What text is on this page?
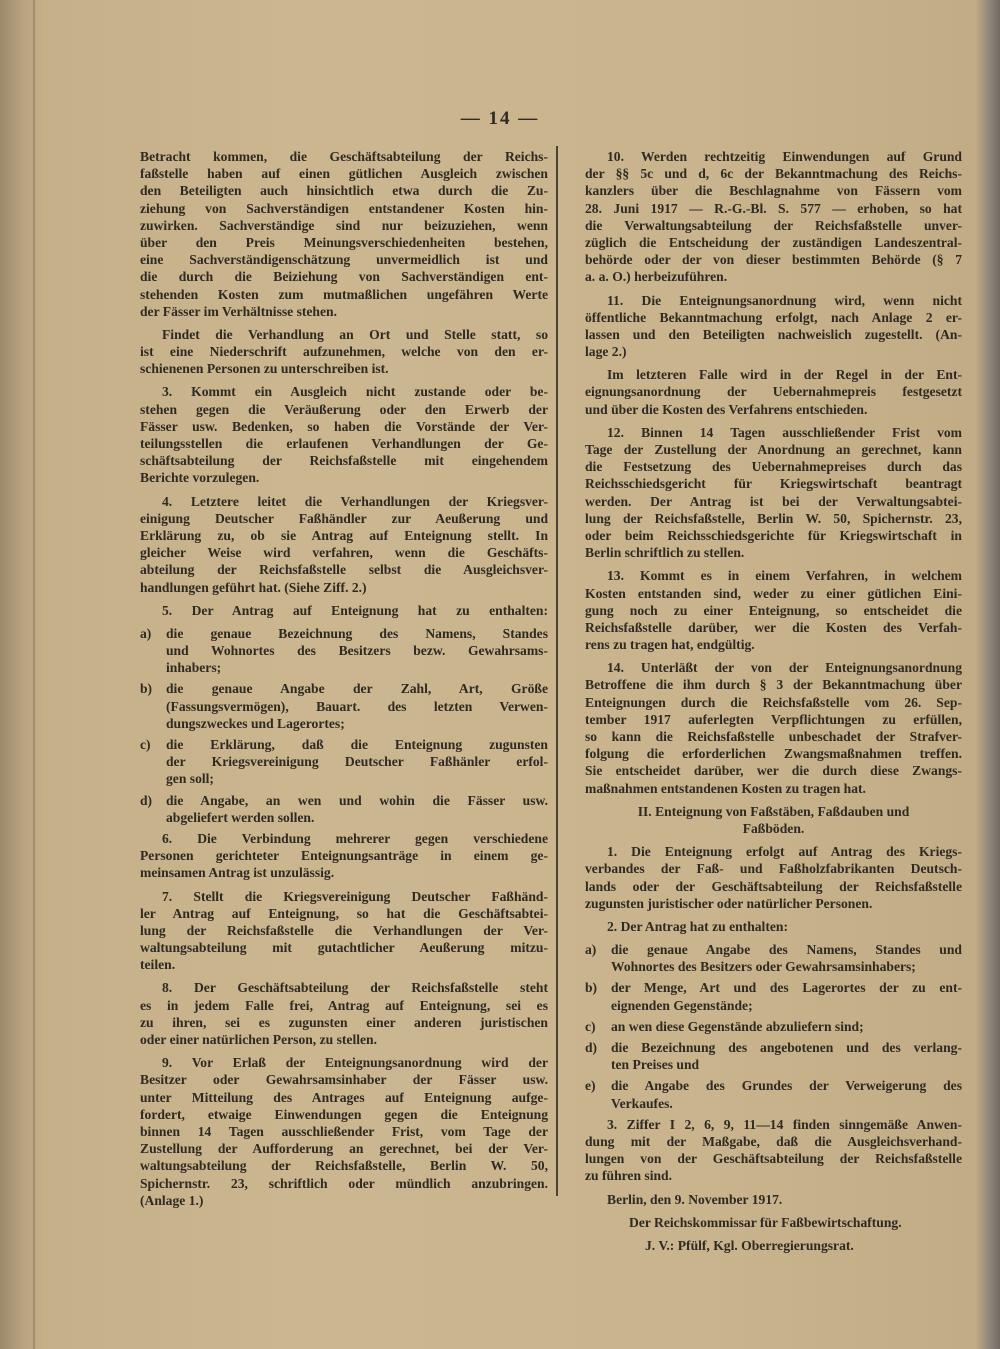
— 14 —
Betracht kommen, die Geschäftsabteilung der Reichs-
faßstelle haben auf einen gütlichen Ausgleich zwischen
den Beteiligten auch hinsichtlich etwa durch die Zu-
ziehung von Sachverständigen entstandener Kosten hin-
zuwirken. Sachverständige sind nur beizuziehen, wenn
über den Preis Meinungsverschiedenheiten bestehen,
eine Sachverständigenschätzung unvermeidlich ist und
die durch die Beiziehung von Sachverständigen ent-
stehenden Kosten zum mutmaßlichen ungefähren Werte
der Fässer im Verhältnisse stehen.
Findet die Verhandlung an Ort und Stelle statt, so
ist eine Niederschrift aufzunehmen, welche von den er-
schienenen Personen zu unterschreiben ist.
3. Kommt ein Ausgleich nicht zustande oder be-
stehen gegen die Veräußerung oder den Erwerb der
Fässer usw. Bedenken, so haben die Vorstände der Ver-
teilungsstellen die erlaufenen Verhandlungen der Ge-
schäftsabteilung der Reichsfaßstelle mit eingehendem
Berichte vorzulegen.
4. Letztere leitet die Verhandlungen der Kriegsver-
einigung Deutscher Faßhändler zur Aeußerung und
Erklärung zu, ob sie Antrag auf Enteignung stellt. In
gleicher Weise wird verfahren, wenn die Geschäfts-
abteilung der Reichsfaßstelle selbst die Ausgleichsver-
handlungen geführt hat. (Siehe Ziff. 2.)
5. Der Antrag auf Enteignung hat zu enthalten:
a) die genaue Bezeichnung des Namens, Standes
und Wohnortes des Besitzers bezw. Gewahrsams-
inhabers;
b) die genaue Angabe der Zahl, Art, Größe
(Fassungsvermögen), Bauart. des letzten Verwen-
dungszweckes und Lagerortes;
c) die Erklärung, daß die Enteignung zugunsten
der Kriegsvereinigung Deutscher Faßhänler erfol-
gen soll;
d) die Angabe, an wen und wohin die Fässer usw.
abgeliefert werden sollen.
6. Die Verbindung mehrerer gegen verschiedene
Personen gerichteter Enteignungsanträge in einem ge-
meinsamen Antrag ist unzulässig.
7. Stellt die Kriegsvereinigung Deutscher Faßhänd-
ler Antrag auf Enteignung, so hat die Geschäftsabtei-
lung der Reichsfaßstelle die Verhandlungen der Ver-
waltungsabteilung mit gutachtlicher Aeußerung mitzu-
teilen.
8. Der Geschäftsabteilung der Reichsfaßstelle steht
es in jedem Falle frei, Antrag auf Enteignung, sei es
zu ihren, sei es zugunsten einer anderen juristischen
oder einer natürlichen Person, zu stellen.
9. Vor Erlaß der Enteignungsanordnung wird der
Besitzer oder Gewahrsamsinhaber der Fässer usw.
unter Mitteilung des Antrages auf Enteignung aufge-
fordert, etwaige Einwendungen gegen die Enteignung
binnen 14 Tagen ausschließender Frist, vom Tage der
Zustellung der Aufforderung an gerechnet, bei der Ver-
waltungsabteilung der Reichsfaßstelle, Berlin W. 50,
Spichernstr. 23, schriftlich oder mündlich anzubringen.
(Anlage 1.)
10. Werden rechtzeitig Einwendungen auf Grund
der §§ 5c und d, 6c der Bekanntmachung des Reichs-
kanzlers über die Beschlagnahme von Fässern vom
28. Juni 1917 — R.-G.-Bl. S. 577 — erhoben, so hat
die Verwaltungsabteilung der Reichsfaßstelle unver-
züglich die Entscheidung der zuständigen Landeszentral-
behörde oder der von dieser bestimmten Behörde (§ 7
a. a. O.) herbeizuführen.
11. Die Enteignungsanordnung wird, wenn nicht
öffentliche Bekanntmachung erfolgt, nach Anlage 2 er-
lassen und den Beteiligten nachweislich zugestellt. (An-
lage 2.)
Im letzteren Falle wird in der Regel in der Ent-
eignungsanordnung der Uebernahmepreis festgesetzt
und über die Kosten des Verfahrens entschieden.
12. Binnen 14 Tagen ausschließender Frist vom
Tage der Zustellung der Anordnung an gerechnet, kann
die Festsetzung des Uebernahmepreises durch das
Reichsschiedsgericht für Kriegswirtschaft beantragt
werden. Der Antrag ist bei der Verwaltungsabtei-
lung der Reichsfaßstelle, Berlin W. 50, Spichernstr. 23,
oder beim Reichsschiedsgerichte für Kriegswirtschaft in
Berlin schriftlich zu stellen.
13. Kommt es in einem Verfahren, in welchem
Kosten entstanden sind, weder zu einer gütlichen Eini-
gung noch zu einer Enteignung, so entscheidet die
Reichsfaßstelle darüber, wer die Kosten des Verfah-
rens zu tragen hat, endgültig.
14. Unterläßt der von der Enteignungsanordnung
Betroffene die ihm durch § 3 der Bekanntmachung über
Enteignungen durch die Reichsfaßstelle vom 26. Sep-
tember 1917 auferlegten Verpflichtungen zu erfüllen,
so kann die Reichsfaßstelle unbeschadet der Strafver-
folgung die erforderlichen Zwangsmaßnahmen treffen.
Sie entscheidet darüber, wer die durch diese Zwangs-
maßnahmen entstandenen Kosten zu tragen hat.
II. Enteignung von Faßstäben, Faßdauben und
Faßböden.
1. Die Enteignung erfolgt auf Antrag des Kriegs-
verbandes der Faß- und Faßholzfabrikanten Deutsch-
lands oder der Geschäftsabteilung der Reichsfaßstelle
zugunsten juristischer oder natürlicher Personen.
2. Der Antrag hat zu enthalten:
a) die genaue Angabe des Namens, Standes und
Wohnortes des Besitzers oder Gewahrsamsinhabers;
b) der Menge, Art und des Lagerortes der zu ent-
eignenden Gegenstände;
c) an wen diese Gegenstände abzuliefern sind;
d) die Bezeichnung des angebotenen und des verlang-
ten Preises und
e) die Angabe des Grundes der Verweigerung des
Verkaufes.
3. Ziffer I 2, 6, 9, 11—14 finden sinngemäße Anwen-
dung mit der Maßgabe, daß die Ausgleichsverhand-
lungen von der Geschäftsabteilung der Reichsfaßstelle
zu führen sind.
Berlin, den 9. November 1917.
Der Reichskommissar für Faßbewirtschaftung.
J. V.: Pfülf, Kgl. Oberregierungsrat.
